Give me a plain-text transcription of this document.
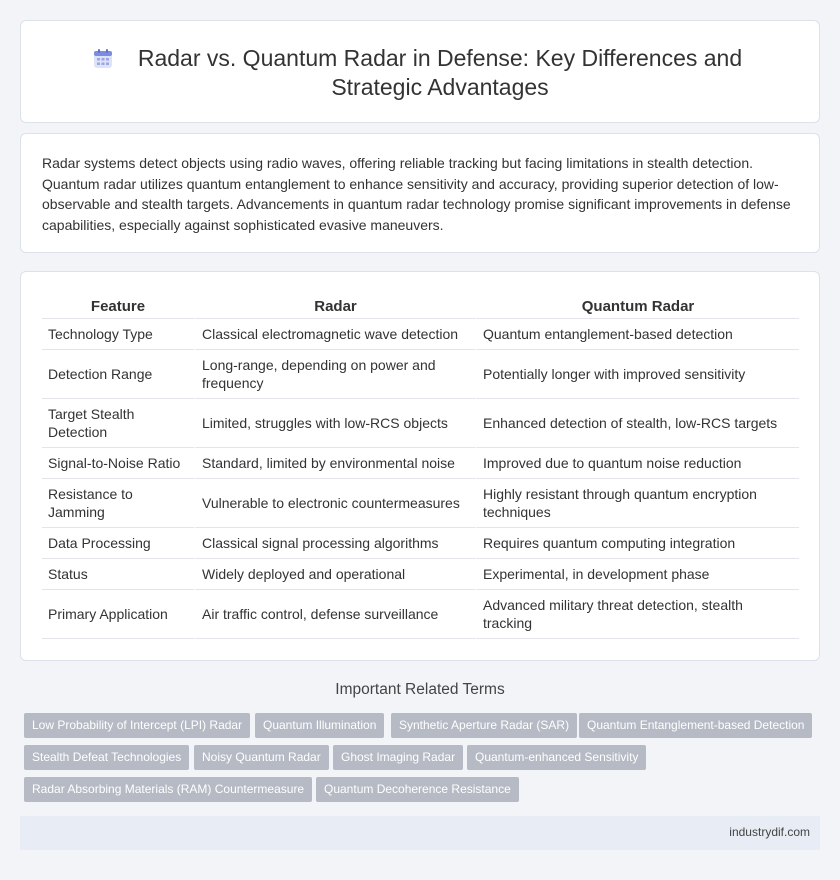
Radar vs. Quantum Radar in Defense: Key Differences and Strategic Advantages

Radar systems detect objects using radio waves, offering reliable tracking but facing limitations in stealth detection. Quantum radar utilizes quantum entanglement to enhance sensitivity and accuracy, providing superior detection of low-observable and stealth targets. Advancements in quantum radar technology promise significant improvements in defense capabilities, especially against sophisticated evasive maneuvers.

Feature	Radar	Quantum Radar
Technology Type	Classical electromagnetic wave detection	Quantum entanglement-based detection
Detection Range	Long-range, depending on power and frequency	Potentially longer with improved sensitivity
Target Stealth Detection	Limited, struggles with low-RCS objects	Enhanced detection of stealth, low-RCS targets
Signal-to-Noise Ratio	Standard, limited by environmental noise	Improved due to quantum noise reduction
Resistance to Jamming	Vulnerable to electronic countermeasures	Highly resistant through quantum encryption techniques
Data Processing	Classical signal processing algorithms	Requires quantum computing integration
Status	Widely deployed and operational	Experimental, in development phase
Primary Application	Air traffic control, defense surveillance	Advanced military threat detection, stealth tracking
Important Related Terms
Low Probability of Intercept (LPI) Radar	Quantum Illumination	Synthetic Aperture Radar (SAR)	Quantum Entanglement-based Detection
Stealth Defeat Technologies	Noisy Quantum Radar	Ghost Imaging Radar	Quantum-enhanced Sensitivity
Radar Absorbing Materials (RAM) Countermeasure	Quantum Decoherence Resistance
industrydif.com
